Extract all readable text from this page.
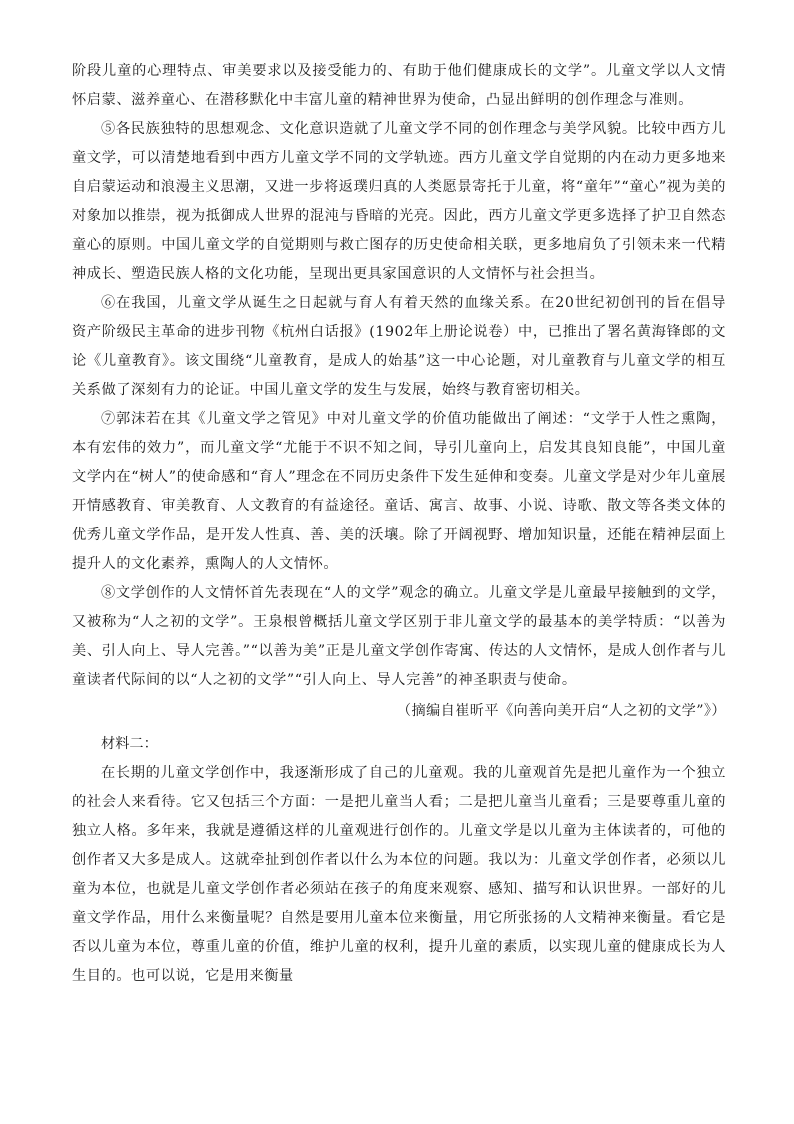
阶段儿童的心理特点、审美要求以及接受能力的、有助于他们健康成长的文学”。儿童文学以人文情怀启蒙、滋养童心、在潜移默化中丰富儿童的精神世界为使命，凸显出鲜明的创作理念与准则。

⑤各民族独特的思想观念、文化意识造就了儿童文学不同的创作理念与美学风貌。比较中西方儿童文学，可以清楚地看到中西方儿童文学不同的文学轨迹。西方儿童文学自觉期的内在动力更多地来自启蒙运动和浪漫主义思潮，又进一步将返璞归真的人类愿景寄托于儿童，将“童年”“童心”视为美的对象加以推崇，视为抵御成人世界的混沌与昏暗的光亮。因此，西方儿童文学更多选择了护卫自然态童心的原则。中国儿童文学的自觉期则与救亡图存的历史使命相关联，更多地肩负了引领未来一代精神成长、塑造民族人格的文化功能，呈现出更具家国意识的人文情怀与社会担当。

⑥在我国，儿童文学从诞生之日起就与育人有着天然的血缘关系。在20世纪初创刊的旨在倡导资产阶级民主革命的进步刊物《杭州白话报》(1902年上册论说卷）中，已推出了署名黄海锋郎的文论《儿童教育》。该文围绕“儿童教育，是成人的始基”这一中心论题，对儿童教育与儿童文学的相互关系做了深刻有力的论证。中国儿童文学的发生与发展，始终与教育密切相关。

⑦郭沫若在其《儿童文学之管见》中对儿童文学的价值功能做出了阐述：“文学于人性之熏陶，本有宏伟的效力”，而儿童文学“尤能于不识不知之间，导引儿童向上，启发其良知良能”，中国儿童文学内在“树人”的使命感和“育人”理念在不同历史条件下发生延伸和变奏。儿童文学是对少年儿童展开情感教育、审美教育、人文教育的有益途径。童话、寓言、故事、小说、诗歌、散文等各类文体的优秀儿童文学作品，是开发人性真、善、美的沃壤。除了开阔视野、增加知识量，还能在精神层面上提升人的文化素养，熏陶人的人文情怀。

⑧文学创作的人文情怀首先表现在“人的文学”观念的确立。儿童文学是儿童最早接触到的文学，又被称为“人之初的文学”。王泉根曾概括儿童文学区别于非儿童文学的最基本的美学特质：“以善为美、引人向上、导人完善。”“以善为美”正是儿童文学创作寄寓、传达的人文情怀，是成人创作者与儿童读者代际间的以“人之初的文学”“引人向上、导人完善”的神圣职责与使命。

（摘编自崔昕平《向善向美开启“人之初的文学”》）

材料二：

在长期的儿童文学创作中，我逐渐形成了自己的儿童观。我的儿童观首先是把儿童作为一个独立的社会人来看待。它又包括三个方面：一是把儿童当人看；二是把儿童当儿童看；三是要尊重儿童的独立人格。多年来，我就是遵循这样的儿童观进行创作的。儿童文学是以儿童为主体读者的，可他的创作者又大多是成人。这就牵扯到创作者以什么为本位的问题。我以为：儿童文学创作者，必须以儿童为本位，也就是儿童文学创作者必须站在孩子的角度来观察、感知、描写和认识世界。一部好的儿童文学作品，用什么来衡量呢？自然是要用儿童本位来衡量，用它所张扬的人文精神来衡量。看它是否以儿童为本位，尊重儿童的价值，维护儿童的权利，提升儿童的素质，以实现儿童的健康成长为人生目的。也可以说，它是用来衡量
